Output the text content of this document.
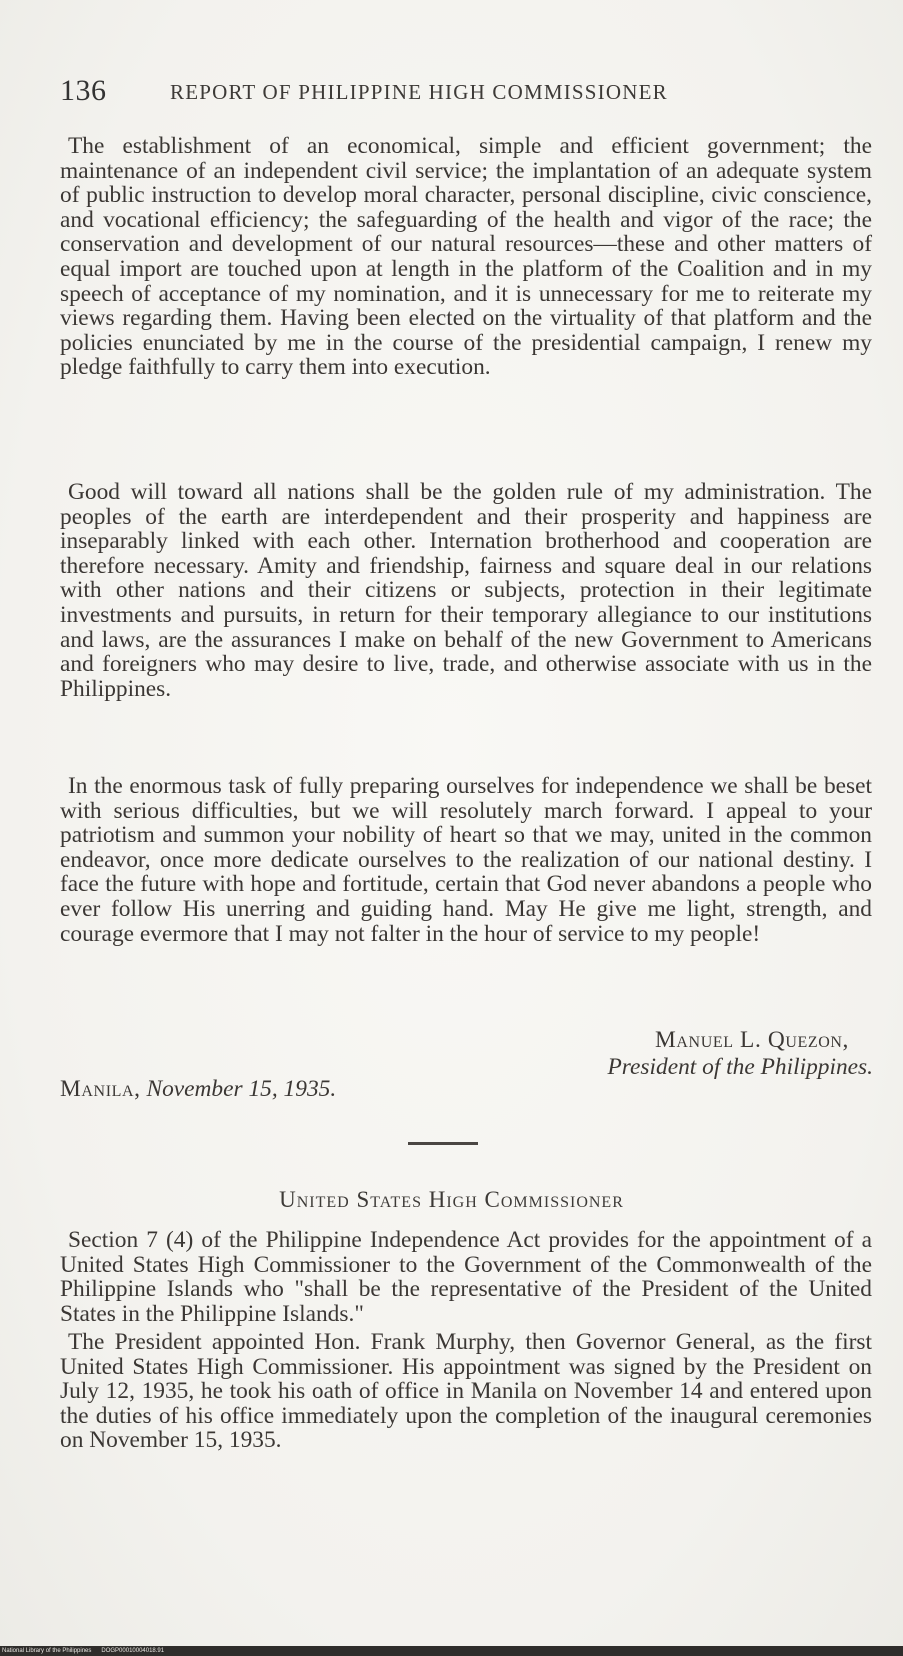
136	REPORT OF PHILIPPINE HIGH COMMISSIONER

The establishment of an economical, simple and efficient government; the maintenance of an independent civil service; the implantation of an adequate system of public instruction to develop moral character, personal discipline, civic conscience, and vocational efficiency; the safeguarding of the health and vigor of the race; the conservation and development of our natural resources—these and other matters of equal import are touched upon at length in the platform of the Coalition and in my speech of acceptance of my nomination, and it is unnecessary for me to reiterate my views regarding them. Having been elected on the virtuality of that platform and the policies enunciated by me in the course of the presidential campaign, I renew my pledge faithfully to carry them into execution.

Good will toward all nations shall be the golden rule of my administration. The peoples of the earth are interdependent and their prosperity and happiness are inseparably linked with each other. Internation brotherhood and cooperation are therefore necessary. Amity and friendship, fairness and square deal in our relations with other nations and their citizens or subjects, protection in their legitimate investments and pursuits, in return for their temporary allegiance to our institutions and laws, are the assurances I make on behalf of the new Government to Americans and foreigners who may desire to live, trade, and otherwise associate with us in the Philippines.

In the enormous task of fully preparing ourselves for independence we shall be beset with serious difficulties, but we will resolutely march forward. I appeal to your patriotism and summon your nobility of heart so that we may, united in the common endeavor, once more dedicate ourselves to the realization of our national destiny. I face the future with hope and fortitude, certain that God never abandons a people who ever follow His unerring and guiding hand. May He give me light, strength, and courage evermore that I may not falter in the hour of service to my people!

Manuel L. Quezon,
President of the Philippines.
Manila, November 15, 1935.
United States High Commissioner

Section 7 (4) of the Philippine Independence Act provides for the appointment of a United States High Commissioner to the Government of the Commonwealth of the Philippine Islands who "shall be the representative of the President of the United States in the Philippine Islands."

The President appointed Hon. Frank Murphy, then Governor General, as the first United States High Commissioner. His appointment was signed by the President on July 12, 1935, he took his oath of office in Manila on November 14 and entered upon the duties of his office immediately upon the completion of the inaugural ceremonies on November 15, 1935.

National Library of the Philippines DOGP00010004018.91
